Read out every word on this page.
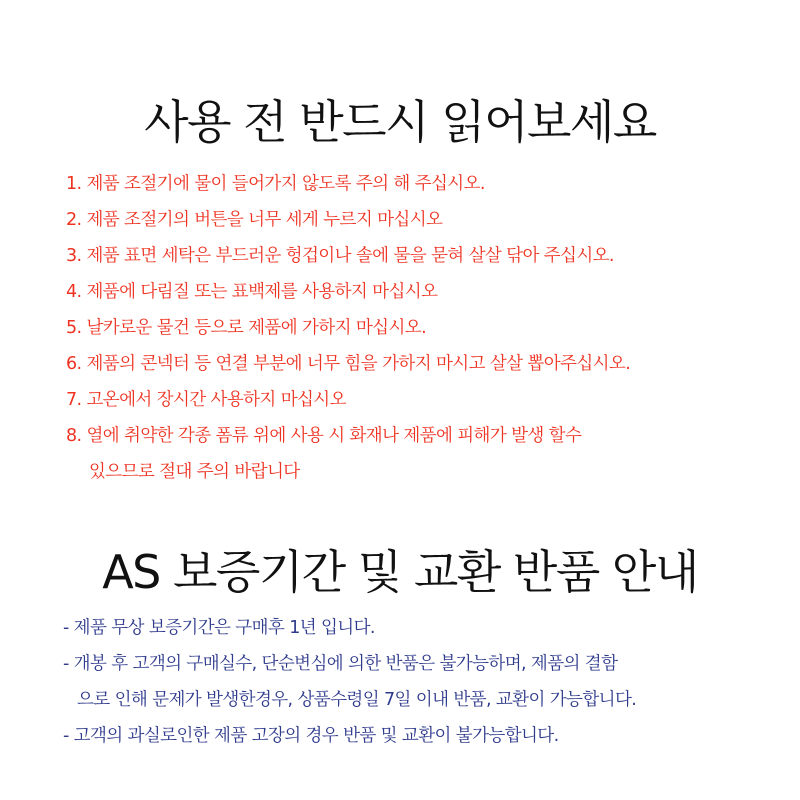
사용 전 반드시 읽어보세요
1. 제품 조절기에 물이 들어가지 않도록 주의 해 주십시오.
2. 제품 조절기의 버튼을 너무 세게 누르지 마십시오
3. 제품 표면 세탁은 부드러운 헝겁이나 솔에 물을 묻혀 살살 닦아 주십시오.
4. 제품에 다림질 또는 표백제를 사용하지 마십시오
5. 날카로운 물건 등으로 제품에 가하지 마십시오.
6. 제품의 콘넥터 등 연결 부분에 너무 힘을 가하지 마시고 살살 뽑아주십시오.
7. 고온에서 장시간 사용하지 마십시오
8. 열에 취약한 각종 폼류 위에 사용 시 화재나 제품에 피해가 발생 할수
있으므로 절대 주의 바랍니다
AS 보증기간 및 교환 반품 안내
- 제품 무상 보증기간은 구매후 1년 입니다.
- 개봉 후 고객의 구매실수, 단순변심에 의한 반품은 불가능하며, 제품의 결함
으로 인해 문제가 발생한경우, 상품수령일 7일 이내 반품, 교환이 가능합니다.
- 고객의 과실로인한 제품 고장의 경우 반품 및 교환이 불가능합니다.
